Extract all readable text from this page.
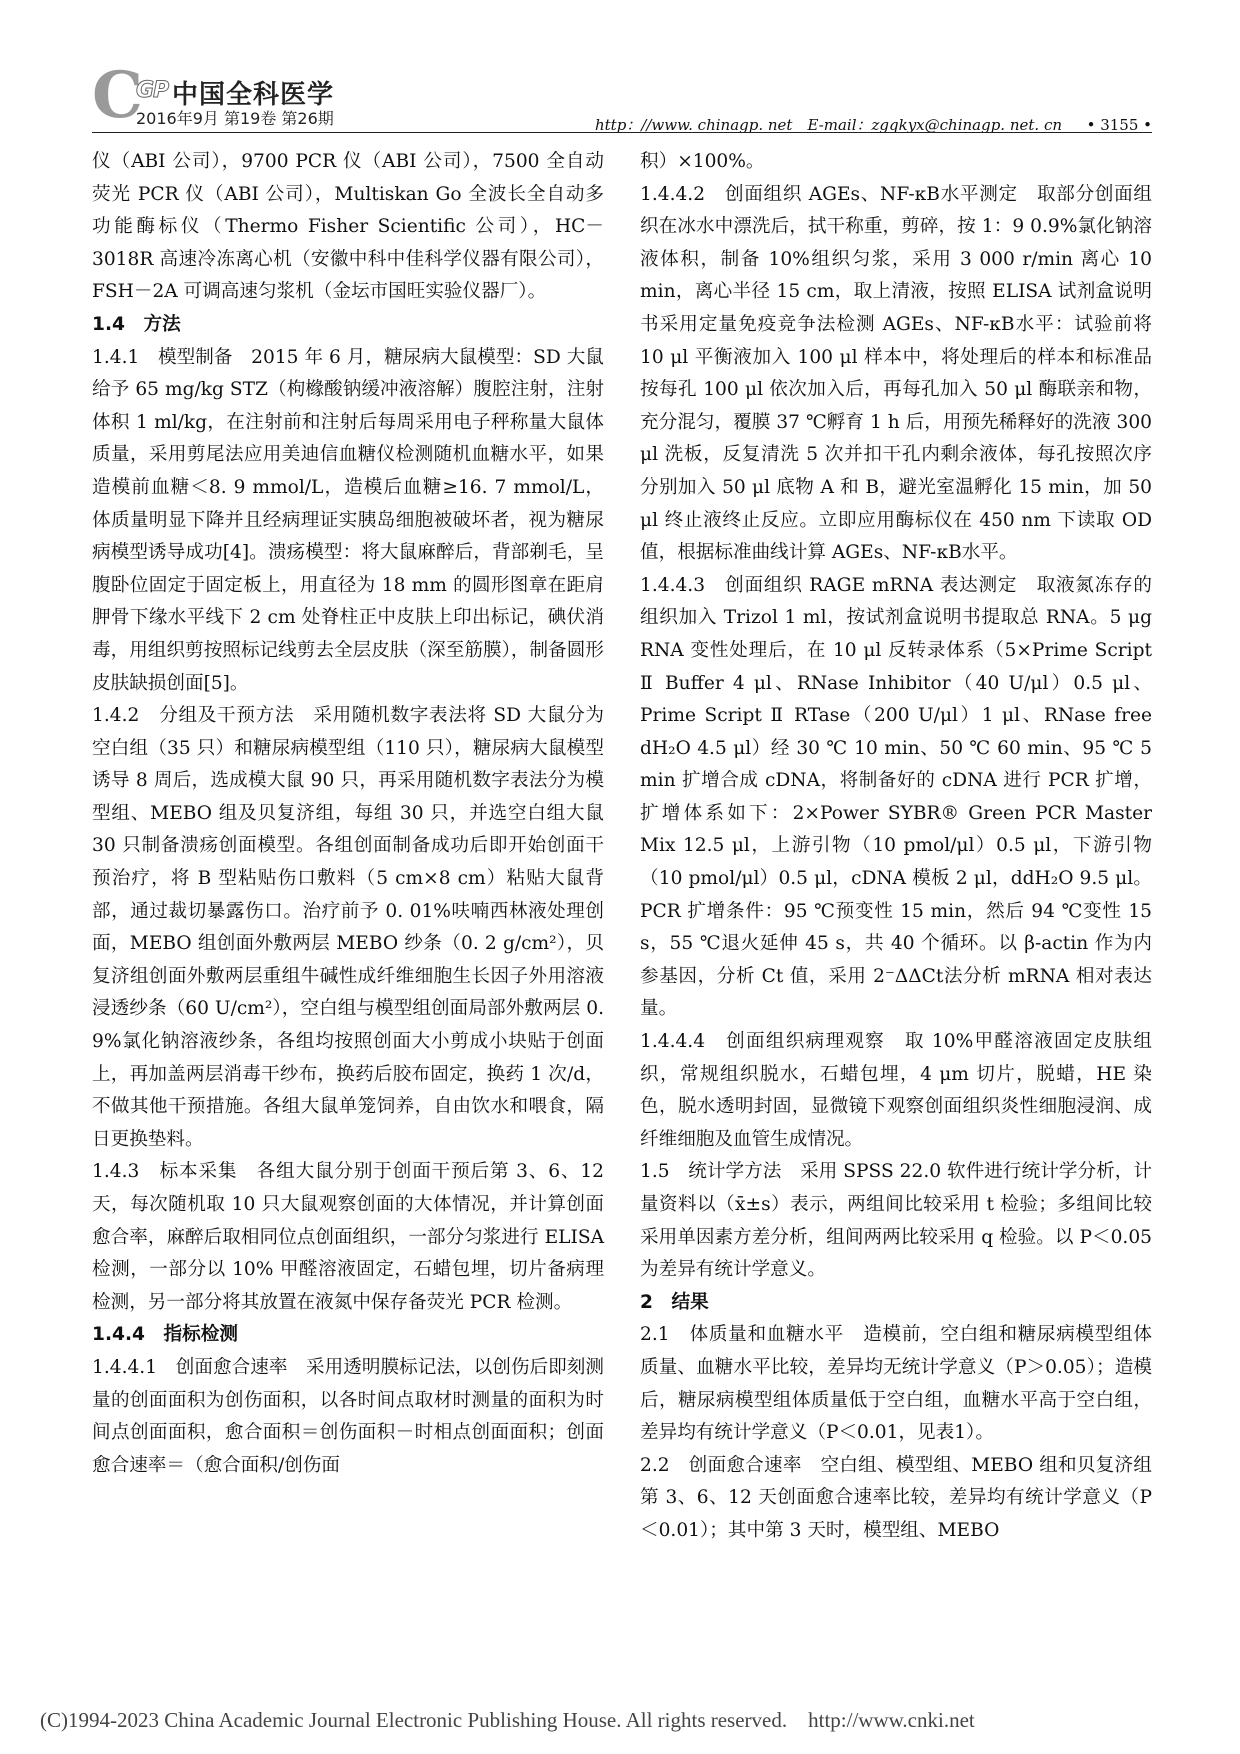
C
GP 中国全科医学
2016年9月 第19卷 第26期	http：//www. chinagp. net　E-mail：zgqkyx@chinagp. net. cn 　 • 3155 •

仪（ABI 公司），9700 PCR 仪（ABI 公司），7500 全自动荧光 PCR 仪（ABI 公司），Multiskan Go 全波长全自动多功能酶标仪（Thermo Fisher Scientific 公司），HC－3018R 高速冷冻离心机（安徽中科中佳科学仪器有限公司），FSH－2A 可调高速匀浆机（金坛市国旺实验仪器厂）。

1.4　方法

1.4.1　模型制备　2015 年 6 月，糖尿病大鼠模型：SD 大鼠给予 65 mg/kg STZ（枸橼酸钠缓冲液溶解）腹腔注射，注射体积 1 ml/kg，在注射前和注射后每周采用电子秤称量大鼠体质量，采用剪尾法应用美迪信血糖仪检测随机血糖水平，如果造模前血糖＜8. 9 mmol/L，造模后血糖≥16. 7 mmol/L，体质量明显下降并且经病理证实胰岛细胞被破坏者，视为糖尿病模型诱导成功[4]。溃疡模型：将大鼠麻醉后，背部剃毛，呈腹卧位固定于固定板上，用直径为 18 mm 的圆形图章在距肩胛骨下缘水平线下 2 cm 处脊柱正中皮肤上印出标记，碘伏消毒，用组织剪按照标记线剪去全层皮肤（深至筋膜），制备圆形皮肤缺损创面[5]。

1.4.2　分组及干预方法　采用随机数字表法将 SD 大鼠分为空白组（35 只）和糖尿病模型组（110 只），糖尿病大鼠模型诱导 8 周后，选成模大鼠 90 只，再采用随机数字表法分为模型组、MEBO 组及贝复济组，每组 30 只，并选空白组大鼠 30 只制备溃疡创面模型。各组创面制备成功后即开始创面干预治疗，将 B 型粘贴伤口敷料（5 cm×8 cm）粘贴大鼠背部，通过裁切暴露伤口。治疗前予 0. 01%呋喃西林液处理创面，MEBO 组创面外敷两层 MEBO 纱条（0. 2 g/cm²），贝复济组创面外敷两层重组牛碱性成纤维细胞生长因子外用溶液浸透纱条（60 U/cm²），空白组与模型组创面局部外敷两层 0. 9%氯化钠溶液纱条，各组均按照创面大小剪成小块贴于创面上，再加盖两层消毒干纱布，换药后胶布固定，换药 1 次/d，不做其他干预措施。各组大鼠单笼饲养，自由饮水和喂食，隔日更换垫料。

1.4.3　标本采集　各组大鼠分别于创面干预后第 3、6、12 天，每次随机取 10 只大鼠观察创面的大体情况，并计算创面愈合率，麻醉后取相同位点创面组织，一部分匀浆进行 ELISA 检测，一部分以 10% 甲醛溶液固定，石蜡包埋，切片备病理检测，另一部分将其放置在液氮中保存备荧光 PCR 检测。

1.4.4　指标检测

1.4.4.1　创面愈合速率　采用透明膜标记法，以创伤后即刻测量的创面面积为创伤面积，以各时间点取材时测量的面积为时间点创面面积，愈合面积＝创伤面积－时相点创面面积；创面愈合速率＝（愈合面积/创伤面

积）×100%。

1.4.4.2　创面组织 AGEs、NF-κB水平测定　取部分创面组织在冰水中漂洗后，拭干称重，剪碎，按 1：9 0.9%氯化钠溶液体积，制备 10%组织匀浆，采用 3 000 r/min 离心 10 min，离心半径 15 cm，取上清液，按照 ELISA 试剂盒说明书采用定量免疫竞争法检测 AGEs、NF-κB水平：试验前将 10 μl 平衡液加入 100 μl 样本中，将处理后的样本和标准品按每孔 100 μl 依次加入后，再每孔加入 50 μl 酶联亲和物，充分混匀，覆膜 37 ℃孵育 1 h 后，用预先稀释好的洗液 300 μl 洗板，反复清洗 5 次并扣干孔内剩余液体，每孔按照次序分别加入 50 μl 底物 A 和 B，避光室温孵化 15 min，加 50 μl 终止液终止反应。立即应用酶标仪在 450 nm 下读取 OD 值，根据标准曲线计算 AGEs、NF-κB水平。

1.4.4.3　创面组织 RAGE mRNA 表达测定　取液氮冻存的组织加入 Trizol 1 ml，按试剂盒说明书提取总 RNA。5 μg RNA 变性处理后，在 10 μl 反转录体系（5×Prime Script Ⅱ Buffer 4 μl、RNase Inhibitor（40 U/μl）0.5 μl、Prime Script Ⅱ RTase（200 U/μl）1 μl、RNase free dH₂O 4.5 μl）经 30 ℃ 10 min、50 ℃ 60 min、95 ℃ 5 min 扩增合成 cDNA，将制备好的 cDNA 进行 PCR 扩增，扩增体系如下：2×Power SYBR® Green PCR Master Mix 12.5 μl，上游引物（10 pmol/μl）0.5 μl，下游引物（10 pmol/μl）0.5 μl，cDNA 模板 2 μl，ddH₂O 9.5 μl。PCR 扩增条件：95 ℃预变性 15 min，然后 94 ℃变性 15 s，55 ℃退火延伸 45 s，共 40 个循环。以 β-actin 作为内参基因，分析 Ct 值，采用 2⁻ΔΔCt法分析 mRNA 相对表达量。

1.4.4.4　创面组织病理观察　取 10%甲醛溶液固定皮肤组织，常规组织脱水，石蜡包埋，4 μm 切片，脱蜡，HE 染色，脱水透明封固，显微镜下观察创面组织炎性细胞浸润、成纤维细胞及血管生成情况。

1.5　统计学方法　采用 SPSS 22.0 软件进行统计学分析，计量资料以（x̄±s）表示，两组间比较采用 t 检验；多组间比较采用单因素方差分析，组间两两比较采用 q 检验。以 P＜0.05 为差异有统计学意义。

2　结果

2.1　体质量和血糖水平　造模前，空白组和糖尿病模型组体质量、血糖水平比较，差异均无统计学意义（P＞0.05）；造模后，糖尿病模型组体质量低于空白组，血糖水平高于空白组，差异均有统计学意义（P＜0.01，见表1）。

2.2　创面愈合速率　空白组、模型组、MEBO 组和贝复济组第 3、6、12 天创面愈合速率比较，差异均有统计学意义（P＜0.01）；其中第 3 天时，模型组、MEBO

(C)1994-2023 China Academic Journal Electronic Publishing House. All rights reserved.　http://www.cnki.net
